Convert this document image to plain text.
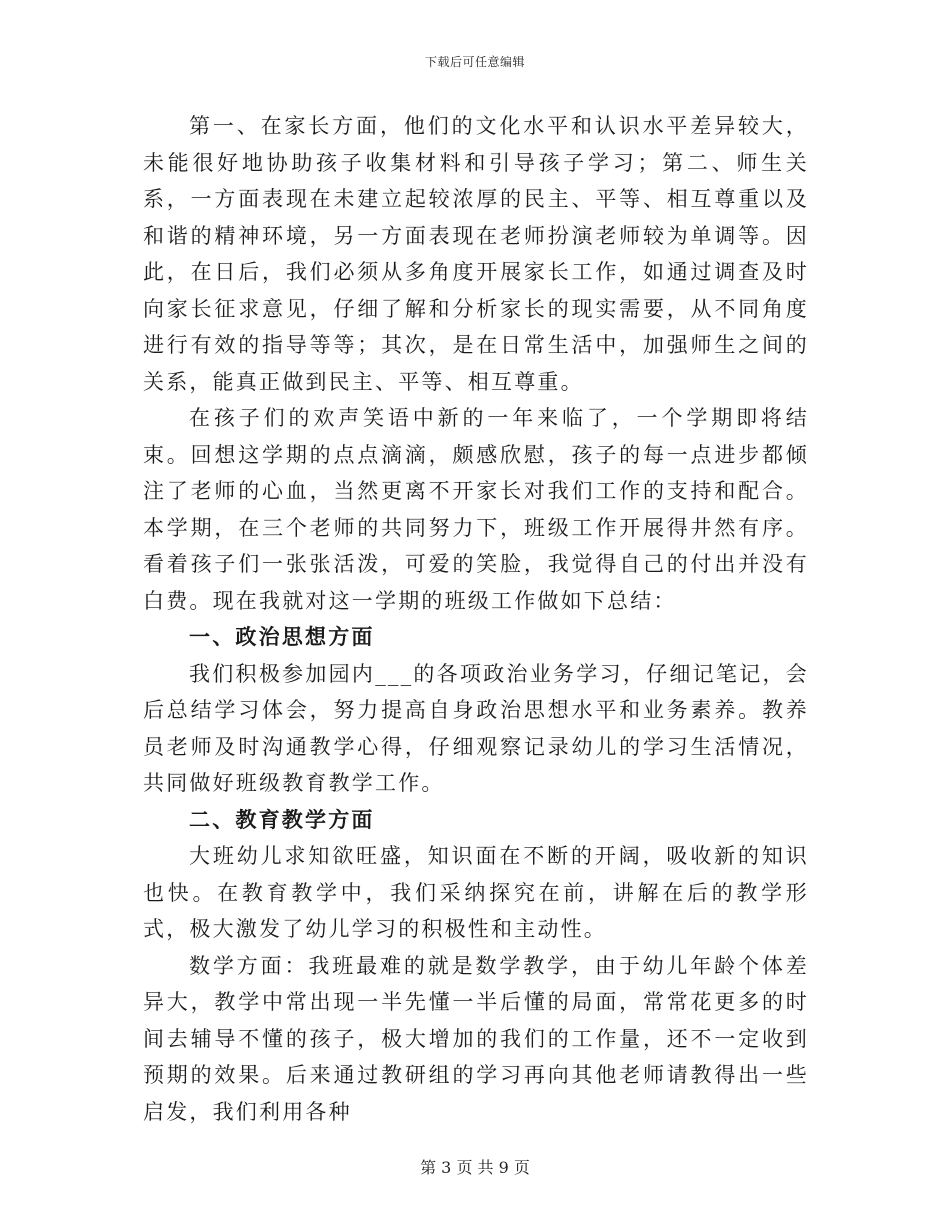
下载后可任意编辑

第一、在家长方面，他们的文化水平和认识水平差异较大，未能很好地协助孩子收集材料和引导孩子学习；第二、师生关系，一方面表现在未建立起较浓厚的民主、平等、相互尊重以及和谐的精神环境，另一方面表现在老师扮演老师较为单调等。因此，在日后，我们必须从多角度开展家长工作，如通过调查及时向家长征求意见，仔细了解和分析家长的现实需要，从不同角度进行有效的指导等等；其次，是在日常生活中，加强师生之间的关系，能真正做到民主、平等、相互尊重。

在孩子们的欢声笑语中新的一年来临了，一个学期即将结束。回想这学期的点点滴滴，颇感欣慰，孩子的每一点进步都倾注了老师的心血，当然更离不开家长对我们工作的支持和配合。本学期，在三个老师的共同努力下，班级工作开展得井然有序。看着孩子们一张张活泼，可爱的笑脸，我觉得自己的付出并没有白费。现在我就对这一学期的班级工作做如下总结：

一、政治思想方面

我们积极参加园内___的各项政治业务学习，仔细记笔记，会后总结学习体会，努力提高自身政治思想水平和业务素养。教养员老师及时沟通教学心得，仔细观察记录幼儿的学习生活情况，共同做好班级教育教学工作。

二、教育教学方面

大班幼儿求知欲旺盛，知识面在不断的开阔，吸收新的知识也快。在教育教学中，我们采纳探究在前，讲解在后的教学形式，极大激发了幼儿学习的积极性和主动性。

数学方面：我班最难的就是数学教学，由于幼儿年龄个体差异大，教学中常出现一半先懂一半后懂的局面，常常花更多的时间去辅导不懂的孩子，极大增加的我们的工作量，还不一定收到预期的效果。后来通过教研组的学习再向其他老师请教得出一些启发，我们利用各种

第 3 页 共 9 页
